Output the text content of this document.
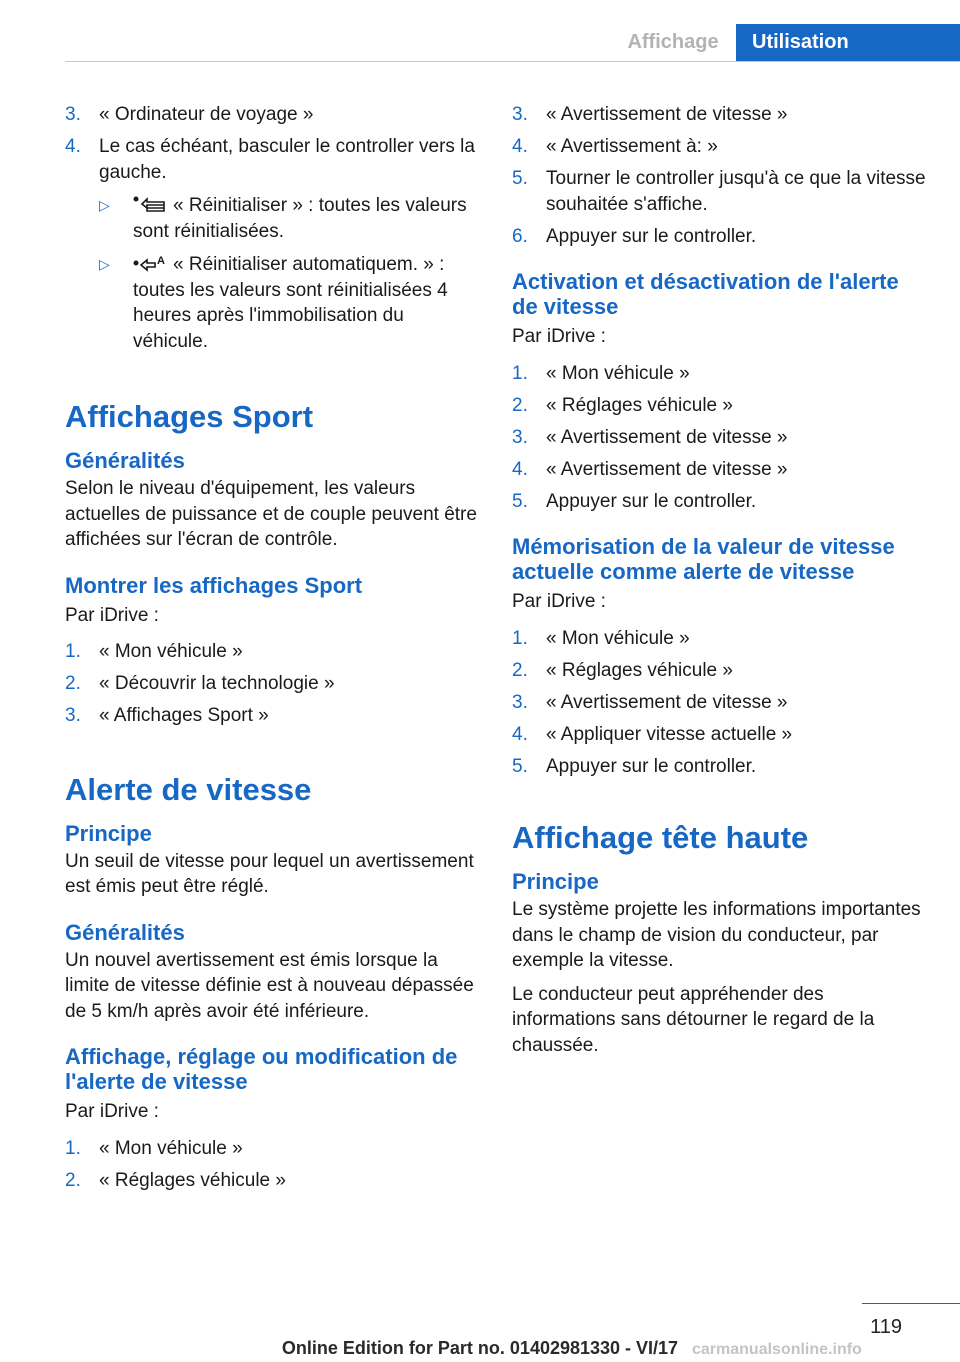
Affichage	Utilisation
3. « Ordinateur de voyage »
4. Le cas échéant, basculer le controller vers la gauche.
▷	« Réinitialiser » : toutes les valeurs sont réinitialisées.
▷	A « Réinitialiser automatiquem. » : toutes les valeurs sont réinitialisées 4 heures après l'immobilisation du véhicule.
Affichages Sport
Généralités

Selon le niveau d'équipement, les valeurs actuelles de puissance et de couple peuvent être affichées sur l'écran de contrôle.

Montrer les affichages Sport

Par iDrive :

1. « Mon véhicule »
2. « Découvrir la technologie »
3. « Affichages Sport »
Alerte de vitesse
Principe

Un seuil de vitesse pour lequel un avertissement est émis peut être réglé.

Généralités

Un nouvel avertissement est émis lorsque la limite de vitesse définie est à nouveau dépassée de 5 km/h après avoir été inférieure.

Affichage, réglage ou modification de l'alerte de vitesse

Par iDrive :

1. « Mon véhicule »
2. « Réglages véhicule »
3. « Avertissement de vitesse »
4. « Avertissement à: »
5. Tourner le controller jusqu'à ce que la vitesse souhaitée s'affiche.
6. Appuyer sur le controller.
Activation et désactivation de l'alerte de vitesse

Par iDrive :

1. « Mon véhicule »
2. « Réglages véhicule »
3. « Avertissement de vitesse »
4. « Avertissement de vitesse »
5. Appuyer sur le controller.
Mémorisation de la valeur de vitesse actuelle comme alerte de vitesse

Par iDrive :

1. « Mon véhicule »
2. « Réglages véhicule »
3. « Avertissement de vitesse »
4. « Appliquer vitesse actuelle »
5. Appuyer sur le controller.
Affichage tête haute
Principe

Le système projette les informations importantes dans le champ de vision du conducteur, par exemple la vitesse.

Le conducteur peut appréhender des informations sans détourner le regard de la chaussée.

119
Online Edition for Part no. 01402981330 - VI/17 carmanualsonline.info
